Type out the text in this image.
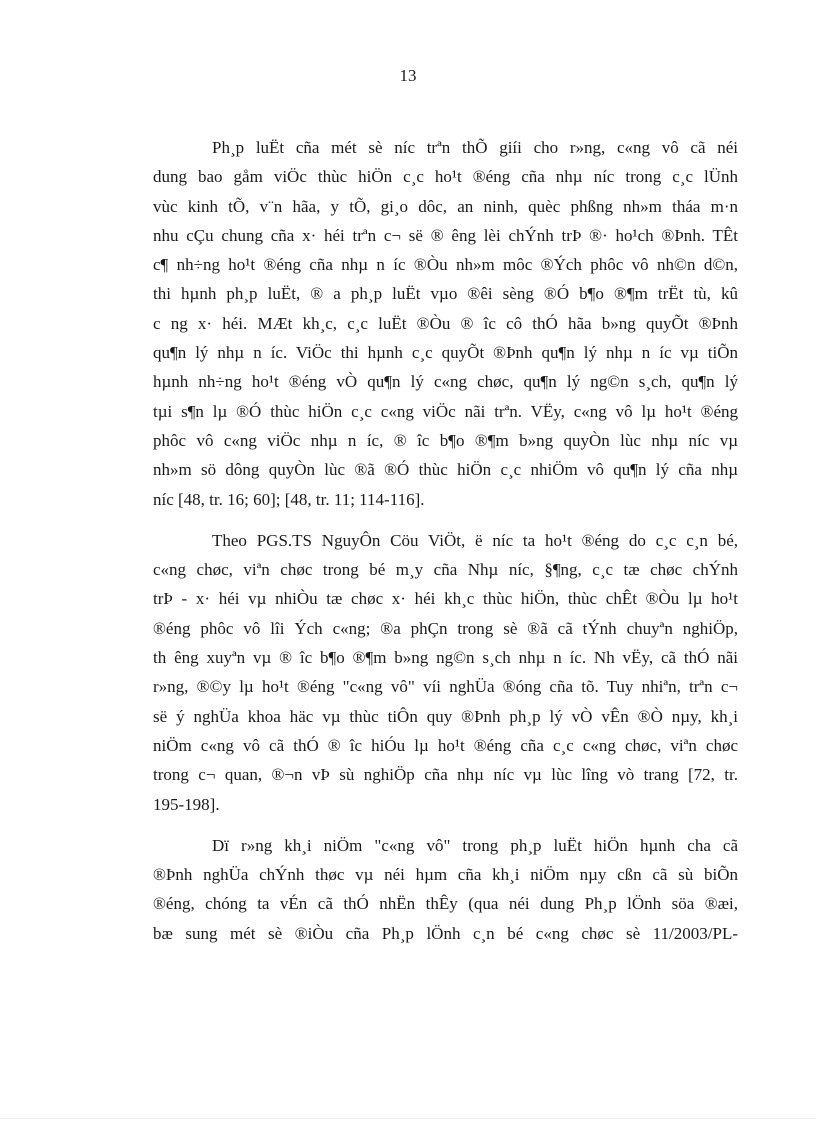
13
Ph¸p luËt cña mét sè níc trªn thÕ giíi cho r»ng, c«ng vô cã néi
dung bao gåm viÖc thùc hiÖn c¸c ho¹t ®éng cña nhµ níc trong c¸c lÜnh
vùc kinh tÕ, v¨n hãa, y tÕ, gi¸o dôc, an ninh, quèc phßng nh»m tháa m·n
nhu cÇu chung cña x· héi trªn c¬ së ® êng lèi chÝnh trÞ ®· ho¹ch ®Þnh. TÊt
c¶ nh÷ng ho¹t ®éng cña nhµ n íc ®Òu nh»m môc ®Ých phôc vô nh©n d©n,
thi hµnh ph¸p luËt, ® a ph¸p luËt vµo ®êi sèng ®Ó b¶o ®¶m trËt tù, kû
c ng x· héi. MÆt kh¸c, c¸c luËt ®Òu ® îc cô thÓ hãa b»ng quyÕt ®Þnh
qu¶n lý nhµ n íc. ViÖc thi hµnh c¸c quyÕt ®Þnh qu¶n lý nhµ n íc vµ tiÕn
hµnh nh÷ng ho¹t ®éng vÒ qu¶n lý c«ng chøc, qu¶n lý ng©n s¸ch, qu¶n lý
tµi s¶n lµ ®Ó thùc hiÖn c¸c c«ng viÖc nãi trªn. VËy, c«ng vô lµ ho¹t ®éng
phôc vô c«ng viÖc nhµ n íc, ® îc b¶o ®¶m b»ng quyÒn lùc nhµ níc vµ
nh»m sö dông quyÒn lùc ®ã ®Ó thùc hiÖn c¸c nhiÖm vô qu¶n lý cña nhµ
níc [48, tr. 16; 60]; [48, tr. 11; 114-116].
Theo PGS.TS NguyÔn Cöu ViÖt, ë níc ta ho¹t ®éng do c¸c c¸n bé,
c«ng chøc, viªn chøc trong bé m¸y cña Nhµ níc, §¶ng, c¸c tæ chøc chÝnh
trÞ - x· héi vµ nhiÒu tæ chøc x· héi kh¸c thùc hiÖn, thùc chÊt ®Òu lµ ho¹t
®éng phôc vô lîi Ých c«ng; ®a phÇn trong sè ®ã cã tÝnh chuyªn nghiÖp,
th êng xuyªn vµ ® îc b¶o ®¶m b»ng ng©n s¸ch nhµ n íc. Nh vËy, cã thÓ nãi
r»ng, ®©y lµ ho¹t ®éng "c«ng vô" víi nghÜa ®óng cña tõ. Tuy nhiªn, trªn c¬
së ý nghÜa khoa häc vµ thùc tiÔn quy ®Þnh ph¸p lý vÒ vÊn ®Ò nµy, kh¸i
niÖm c«ng vô cã thÓ ® îc hiÓu lµ ho¹t ®éng cña c¸c c«ng chøc, viªn chøc
trong c¬ quan, ®¬n vÞ sù nghiÖp cña nhµ níc vµ lùc lîng vò trang [72, tr.
195-198].
Dï r»ng kh¸i niÖm "c«ng vô" trong ph¸p luËt hiÖn hµnh cha cã
®Þnh nghÜa chÝnh thøc vµ néi hµm cña kh¸i niÖm nµy cßn cã sù biÕn
®éng, chóng ta vÉn cã thÓ nhËn thÊy (qua néi dung Ph¸p lÖnh söa ®æi,
bæ sung mét sè ®iÒu cña Ph¸p lÖnh c¸n bé c«ng chøc sè 11/2003/PL-
